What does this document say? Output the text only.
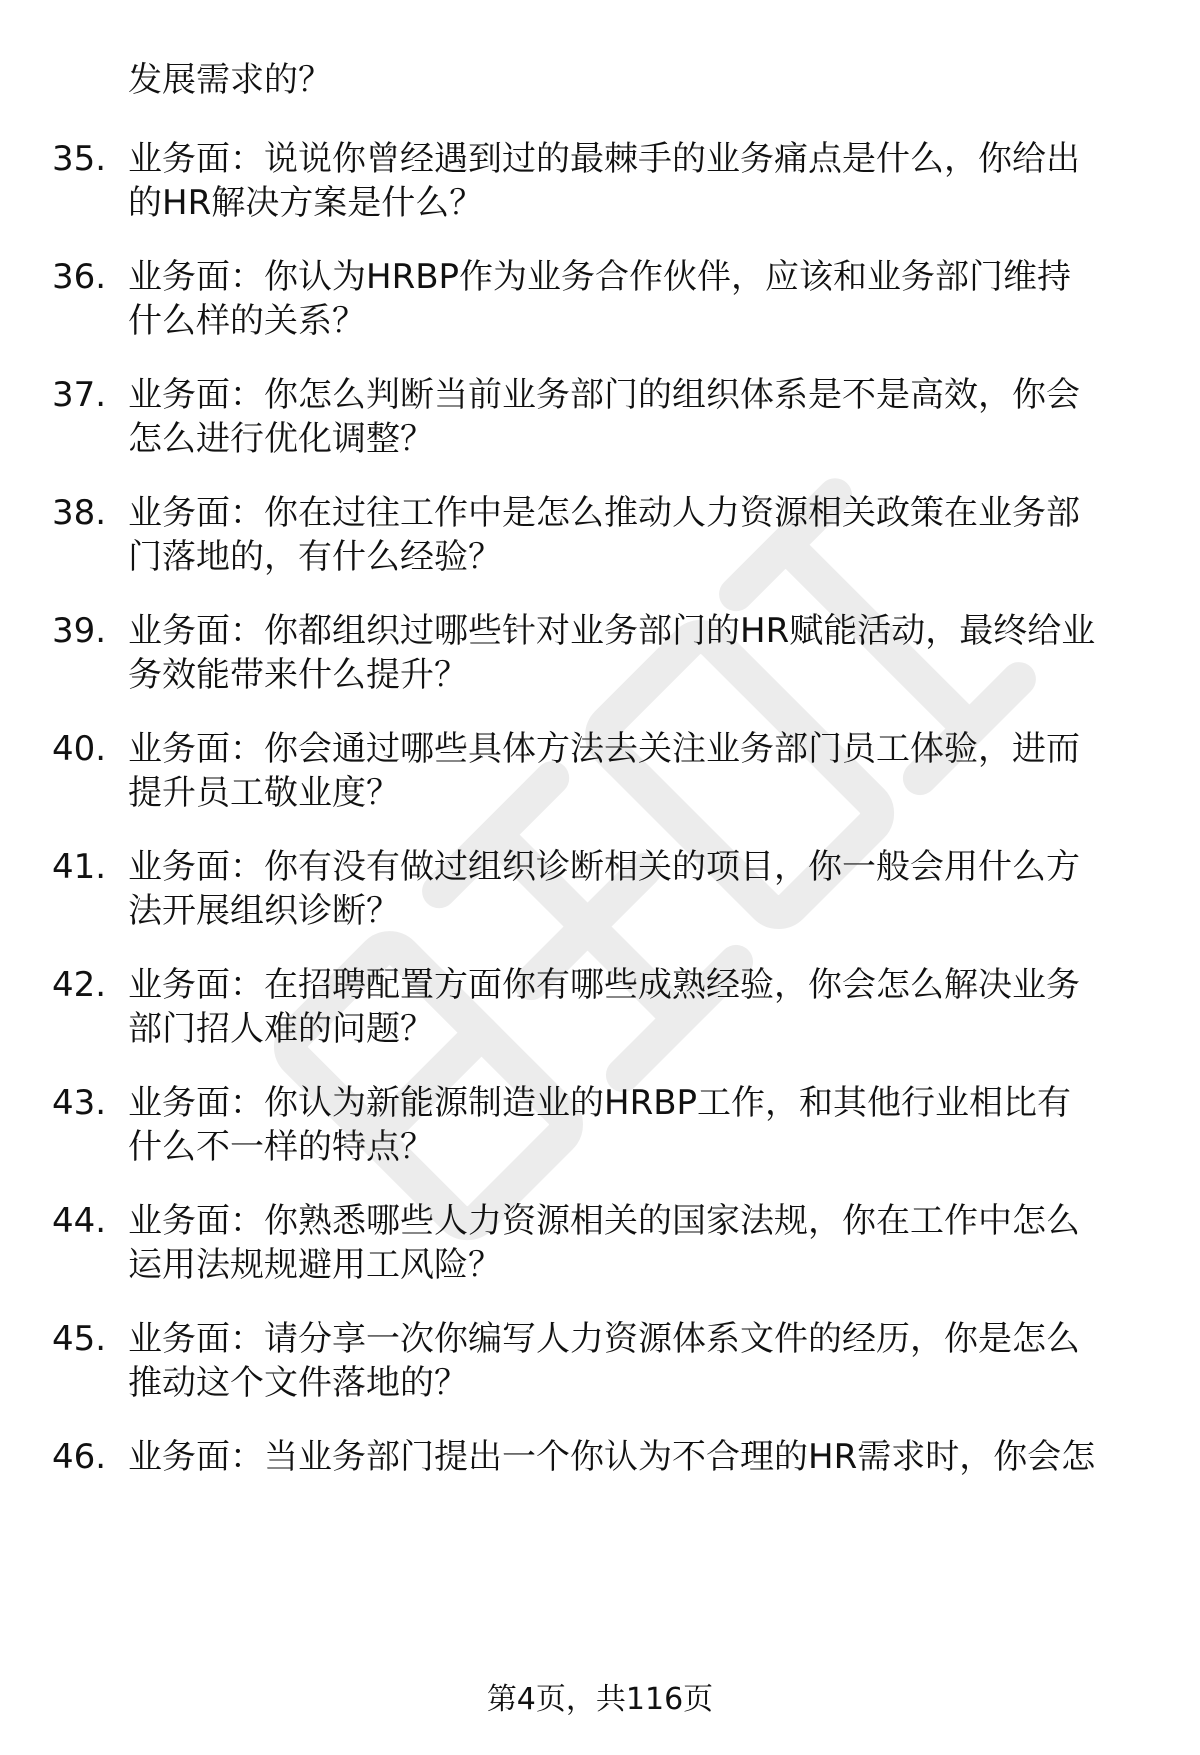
发展需求的？
35. 业务面：说说你曾经遇到过的最棘手的业务痛点是什么，你给出
的HR解决方案是什么？
36. 业务面：你认为HRBP作为业务合作伙伴，应该和业务部门维持
什么样的关系？
37. 业务面：你怎么判断当前业务部门的组织体系是不是高效，你会
怎么进行优化调整？
38. 业务面：你在过往工作中是怎么推动人力资源相关政策在业务部
门落地的，有什么经验？
39. 业务面：你都组织过哪些针对业务部门的HR赋能活动，最终给业
务效能带来什么提升？
40. 业务面：你会通过哪些具体方法去关注业务部门员工体验，进而
提升员工敬业度？
41. 业务面：你有没有做过组织诊断相关的项目，你一般会用什么方
法开展组织诊断？
42. 业务面：在招聘配置方面你有哪些成熟经验，你会怎么解决业务
部门招人难的问题？
43. 业务面：你认为新能源制造业的HRBP工作，和其他行业相比有
什么不一样的特点？
44. 业务面：你熟悉哪些人力资源相关的国家法规，你在工作中怎么
运用法规规避用工风险？
45. 业务面：请分享一次你编写人力资源体系文件的经历，你是怎么
推动这个文件落地的？
46. 业务面：当业务部门提出一个你认为不合理的HR需求时，你会怎
第4页，共116页
